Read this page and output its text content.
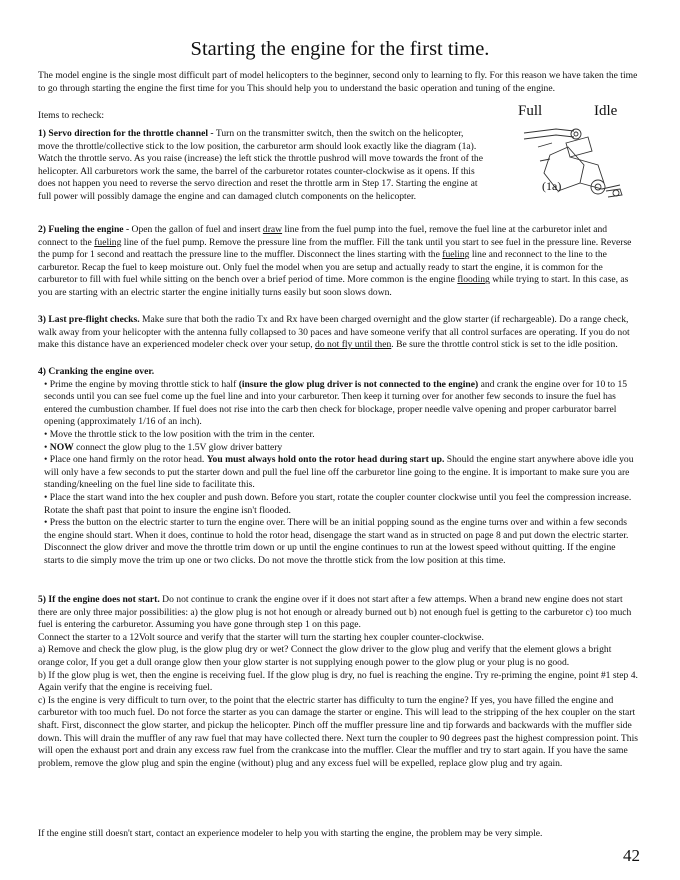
Starting the engine for the first time.
The model engine is the single most difficult part of model helicopters to the beginner, second only to learning to fly. For this reason we have taken the time to go through starting the engine the first time for you This should help you to understand the basic operation and tuning of the engine.
Items to recheck:	Full	Idle
(1a)
1) Servo direction for the throttle channel - Turn on the transmitter switch, then the switch on the helicopter, move the throttle/collective stick to the low position, the carburetor arm should look exactly like the diagram (1a). Watch the throttle servo. As you raise (increase) the left stick the throttle pushrod will move towards the front of the helicopter. All carburetors work the same, the barrel of the carburetor rotates counter-clockwise as it opens. If this does not happen you need to reverse the servo direction and reset the throttle arm in Step 17. Starting the engine at full power will possibly damage the engine and can damaged clutch components on the helicopter.
2) Fueling the engine - Open the gallon of fuel and insert draw line from the fuel pump into the fuel, remove the fuel line at the carburetor inlet and connect to the fueling line of the fuel pump. Remove the pressure line from the muffler. Fill the tank until you start to see fuel in the pressure line. Reverse the pump for 1 second and reattach the pressure line to the muffler. Disconnect the lines starting with the fueling line and reconnect to the line to the carburetor. Recap the fuel to keep moisture out. Only fuel the model when you are setup and actually ready to start the engine, it is common for the carburetor to fill with fuel while sitting on the bench over a brief period of time. More common is the engine flooding while trying to start. In this case, as you are starting with an electric starter the engine initially turns easily but soon slows down.
3) Last pre-flight checks. Make sure that both the radio Tx and Rx have been charged overnight and the glow starter (if rechargeable). Do a range check, walk away from your helicopter with the antenna fully collapsed to 30 paces and have someone verify that all control surfaces are operating. If you do not make this distance have an experienced modeler check over your setup, do not fly until then. Be sure the throttle control stick is set to the idle position.

4) Cranking the engine over.

• Prime the engine by moving throttle stick to half (insure the glow plug driver is not connected to the engine) and crank the engine over for 10 to 15 seconds until you can see fuel come up the fuel line and into your carburetor. Then keep it turning over for another few seconds to insure the fuel has entered the cumbustion chamber. If fuel does not rise into the carb then check for blockage, proper needle valve opening and proper carburator barrel opening (approximately 1/16 of an inch).

• Move the throttle stick to the low position with the trim in the center.

• NOW connect the glow plug to the 1.5V glow driver battery

• Place one hand firmly on the rotor head. You must always hold onto the rotor head during start up. Should the engine start anywhere above idle you will only have a few seconds to put the starter down and pull the fuel line off the carburetor line going to the engine. It is important to make sure you are standing/kneeling on the fuel line side to facilitate this.

• Place the start wand into the hex coupler and push down. Before you start, rotate the coupler counter clockwise until you feel the compression increase. Rotate the shaft past that point to insure the engine isn't flooded.

• Press the button on the electric starter to turn the engine over. There will be an initial popping sound as the engine turns over and within a few seconds the engine should start. When it does, continue to hold the rotor head, disengage the start wand as in structed on page 8 and put down the electric starter. Disconnect the glow driver and move the throttle trim down or up until the engine continues to run at the lowest speed without quitting. If the engine starts to die simply move the trim up one or two clicks. Do not move the throttle stick from the low position at this time.

5) If the engine does not start. Do not continue to crank the engine over if it does not start after a few attemps. When a brand new engine does not start there are only three major possibilities: a) the glow plug is not hot enough or already burned out b) not enough fuel is getting to the carburetor c) too much fuel is entering the carburetor. Assuming you have gone through step 1 on this page.

Connect the starter to a 12Volt source and verify that the starter will turn the starting hex coupler counter-clockwise.

a) Remove and check the glow plug, is the glow plug dry or wet? Connect the glow driver to the glow plug and verify that the element glows a bright orange color, If you get a dull orange glow then your glow starter is not supplying enough power to the glow plug or your plug is no good.

b) If the glow plug is wet, then the engine is receiving fuel. If the glow plug is dry, no fuel is reaching the engine. Try re-priming the engine, point #1 step 4. Again verify that the engine is receiving fuel.

c) Is the engine is very difficult to turn over, to the point that the electric starter has difficulty to turn the engine? If yes, you have filled the engine and carburetor with too much fuel. Do not force the starter as you can damage the starter or engine. This will lead to the stripping of the hex coupler on the start shaft. First, disconnect the glow starter, and pickup the helicopter. Pinch off the muffler pressure line and tip forwards and backwards with the muffler side down. This will drain the muffler of any raw fuel that may have collected there. Next turn the coupler to 90 degrees past the highest compression point. This will open the exhaust port and drain any excess raw fuel from the crankcase into the muffler. Clear the muffler and try to start again. If you have the same problem, remove the glow plug and spin the engine (without) plug and any excess fuel will be expelled, replace glow plug and try again.

If the engine still doesn't start, contact an experience modeler to help you with starting the engine, the problem may be very simple.
42
